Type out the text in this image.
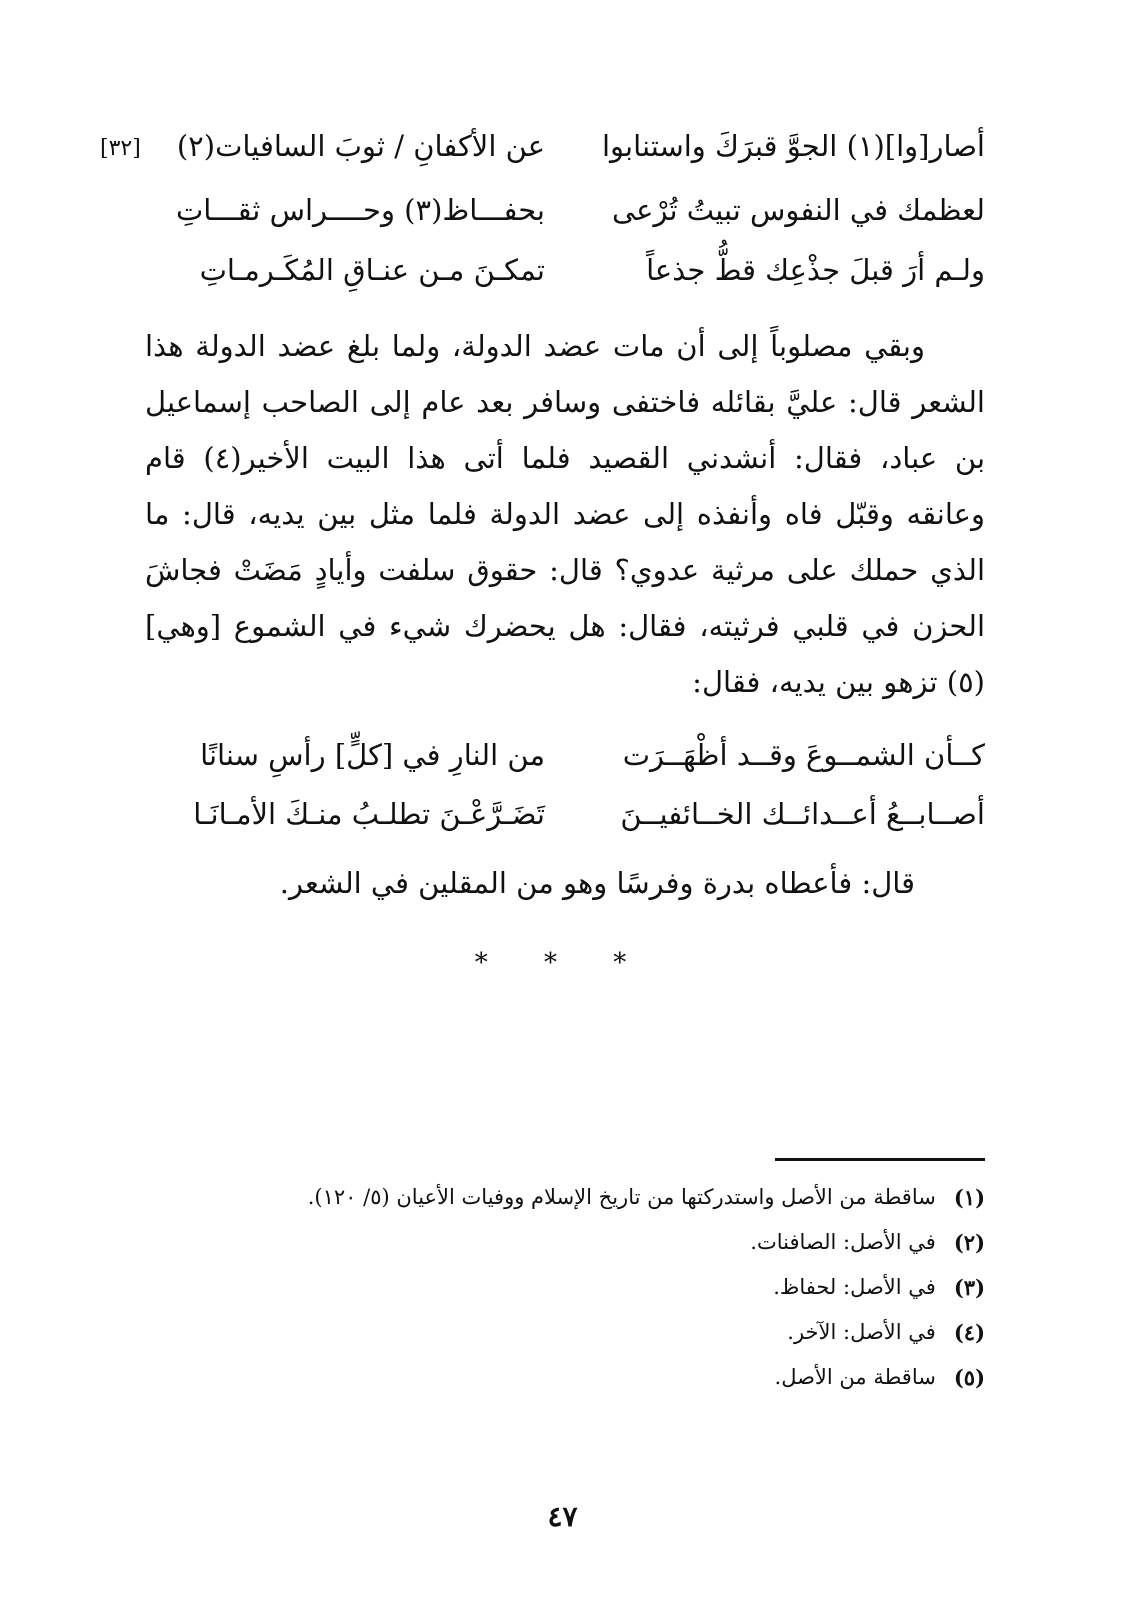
[٣٢]	أصار[وا](١) الجوَّ قبرَكَ واستنابوا
عن الأكفانِ / ثوبَ السافيات(٢)
لعظمك في النفوس تبيتُ تُرْعى
بحفـــاظ(٣) وحــــراس ثقـــاتِ
ولـم أرَ قبلَ جذْعِك قطُّ جذعاً
تمكـنَ مـن عنـاقِ المُكَـرمـاتِ
وبقي مصلوباً إلى أن مات عضد الدولة، ولما بلغ عضد الدولة هذا الشعر قال: عليَّ بقائله فاختفى وسافر بعد عام إلى الصاحب إسماعيل بن عباد، فقال: أنشدني القصيد فلما أتى هذا البيت الأخير(٤) قام وعانقه وقبّل فاه وأنفذه إلى عضد الدولة فلما مثل بين يديه، قال: ما الذي حملك على مرثية عدوي؟ قال: حقوق سلفت وأيادٍ مَضَتْ فجاشَ الحزن في قلبي فرثيته، فقال: هل يحضرك شيء في الشموع [وهي](٥) تزهو بين يديه، فقال:
كــأن الشمــوعَ وقــد أظْهَــرَت
من النارِ في [كلٍّ] رأسِ سنانًا
أصــابــعُ أعــدائــك الخــائفيــنَ
تَضَـرَّعْـنَ تطلـبُ منـكَ الأمـانَـا
قال: فأعطاه بدرة وفرسًا وهو من المقلين في الشعر.
* * *
(١)
ساقطة من الأصل واستدركتها من تاريخ الإسلام ووفيات الأعيان (٥/ ١٢٠).
(٢)
في الأصل: الصافنات.
(٣)
في الأصل: لحفاظ.
(٤)
في الأصل: الآخر.
(٥)
ساقطة من الأصل.
٤٧
